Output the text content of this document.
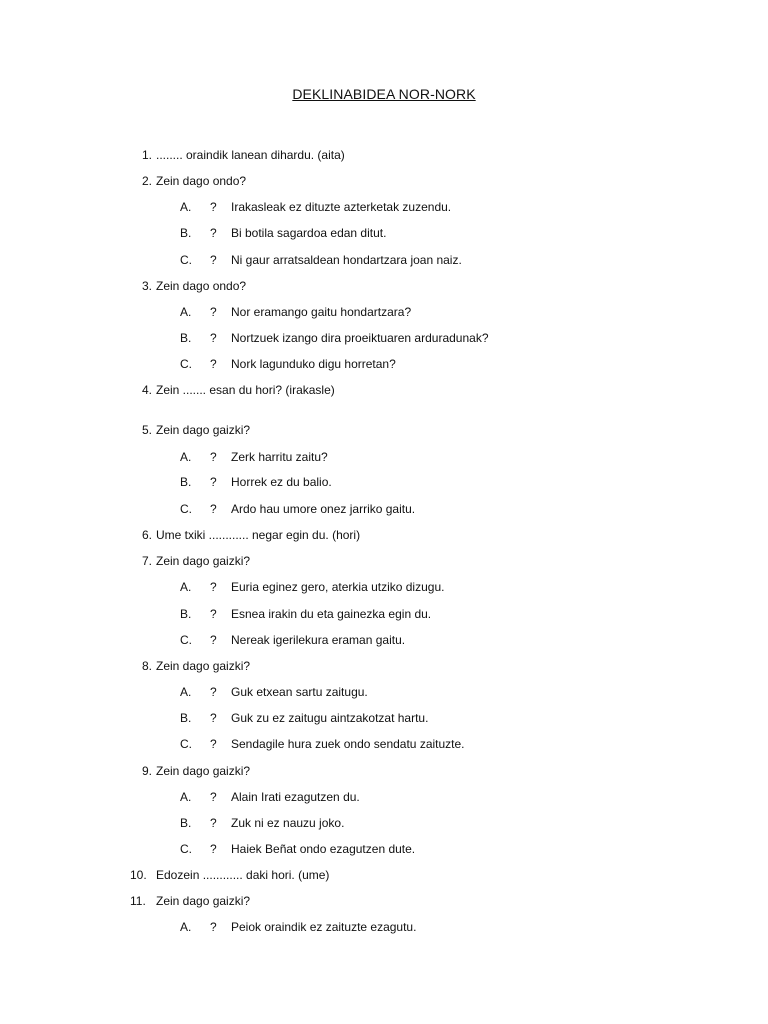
DEKLINABIDEA NOR-NORK
1. ........ oraindik lanean dihardu. (aita)
2. Zein dago ondo?
A.	? Irakasleak ez dituzte azterketak zuzendu.
B.	? Bi botila sagardoa edan ditut.
C.	? Ni gaur arratsaldean hondartzara joan naiz.
3. Zein dago ondo?
A.	? Nor eramango gaitu hondartzara?
B.	? Nortzuek izango dira proeiktuaren arduradunak?
C.	? Nork lagunduko digu horretan?
4. Zein ....... esan du hori? (irakasle)
5. Zein dago gaizki?
A.	? Zerk harritu zaitu?
B.	? Horrek ez du balio.
C.	? Ardo hau umore onez jarriko gaitu.
6. Ume txiki ............ negar egin du. (hori)
7. Zein dago gaizki?
A.	? Euria eginez gero, aterkia utziko dizugu.
B.	? Esnea irakin du eta gainezka egin du.
C.	? Nereak igerilekura eraman gaitu.
8. Zein dago gaizki?
A.	? Guk etxean sartu zaitugu.
B.	? Guk zu ez zaitugu aintzakotzat hartu.
C.	? Sendagile hura zuek ondo sendatu zaituzte.
9. Zein dago gaizki?
A.	? Alain Irati ezagutzen du.
B.	? Zuk ni ez nauzu joko.
C.	? Haiek Beñat ondo ezagutzen dute.
10. Edozein ............ daki hori. (ume)
11. Zein dago gaizki?
A.	? Peiok oraindik ez zaituzte ezagutu.
